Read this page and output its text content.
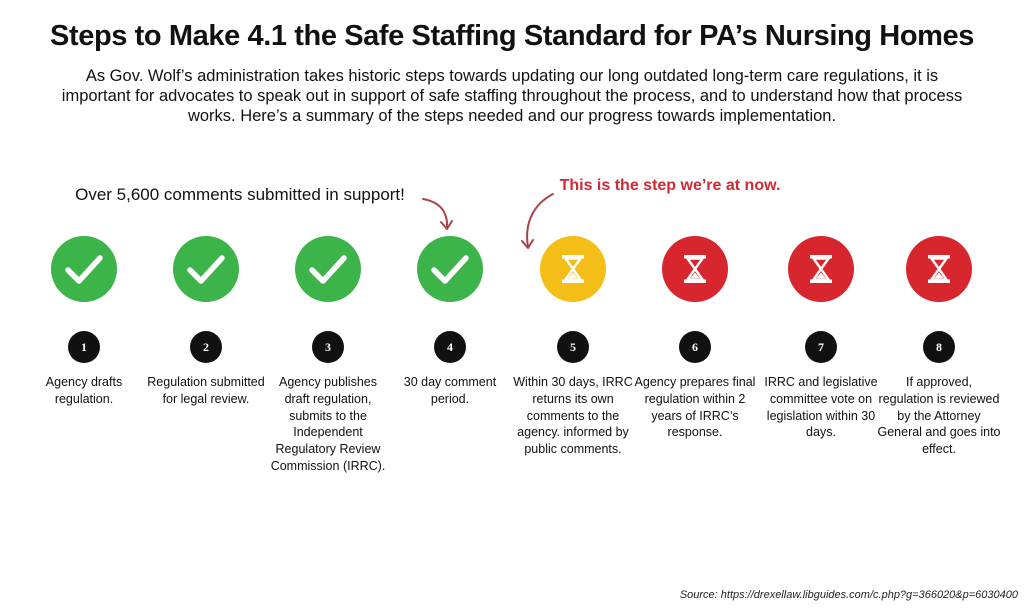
Steps to Make 4.1 the Safe Staffing Standard for PA’s Nursing Homes
As Gov. Wolf’s administration takes historic steps towards updating our long outdated long-term care regulations, it is important for advocates to speak out in support of safe staffing throughout the process, and to understand how that process works. Here’s a summary of the steps needed and our progress towards implementation.
Over 5,600 comments submitted in support!	This is the step we’re at now.
1
Agency drafts regulation.
2
Regulation submitted for legal review.
3
Agency publishes draft regulation, submits to the Independent Regulatory Review Commission (IRRC).
4
30 day comment period.
5
Within 30 days, IRRC returns its own comments to the agency. informed by public comments.
6
Agency prepares final regulation within 2 years of IRRC’s response.
7
IRRC and legislative committee vote on legislation within 30 days.
8
If approved, regulation is reviewed by the Attorney General and goes into effect.
Source: https://drexellaw.libguides.com/c.php?g=366020&p=6030400
